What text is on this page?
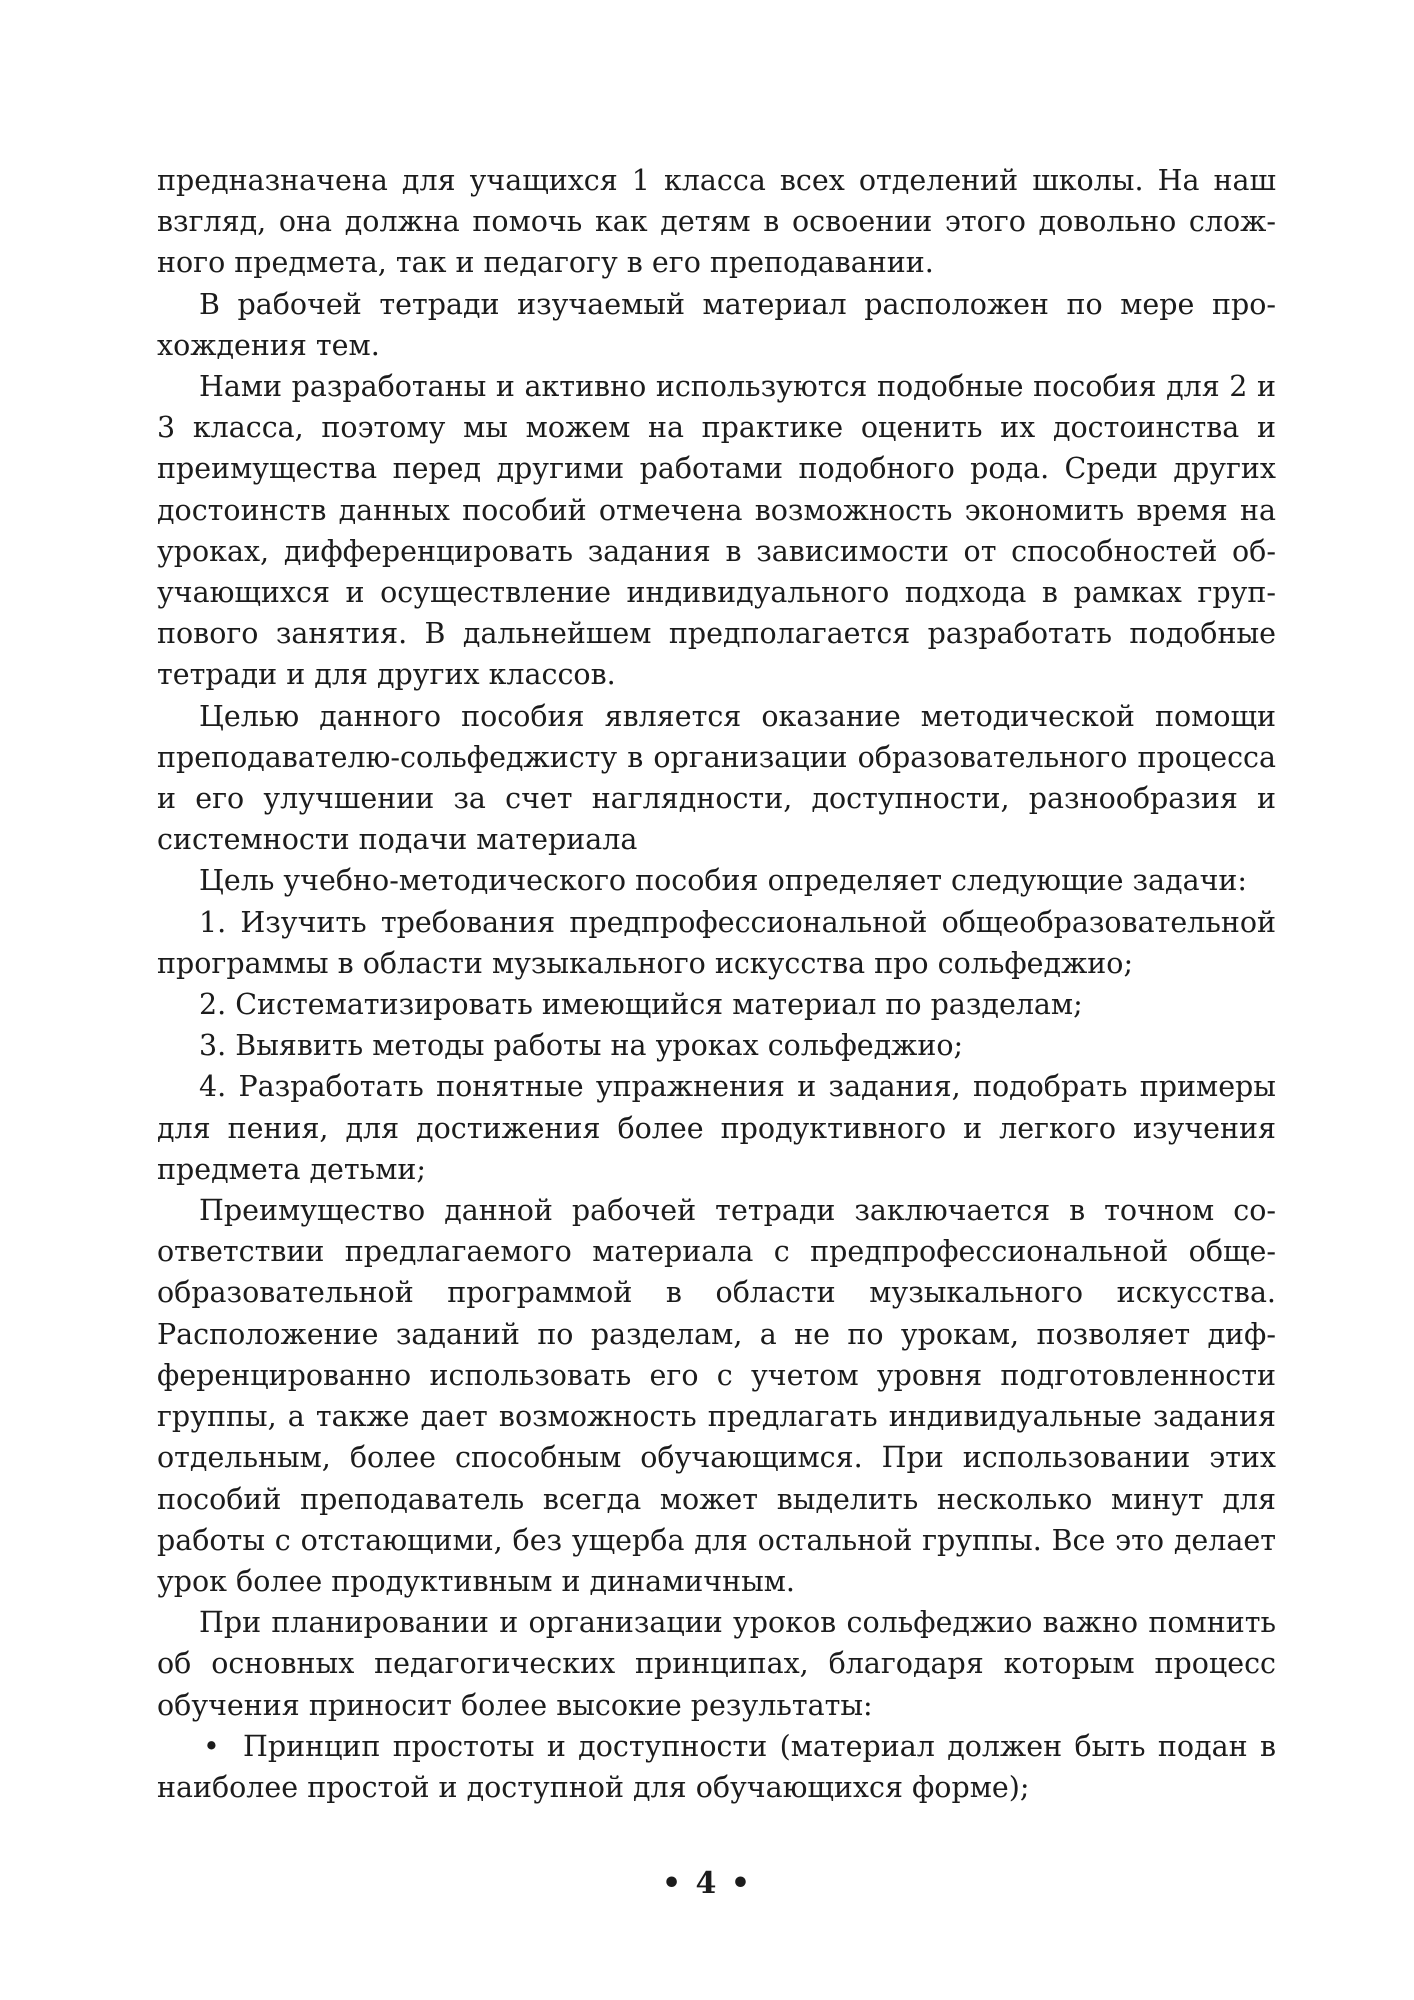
предназначена для учащихся 1 класса всех отделений школы. На наш взгляд, она должна помочь как детям в освоении этого довольно сложного предмета, так и педагогу в его преподавании.

В рабочей тетради изучаемый материал расположен по мере прохождения тем.

Нами разработаны и активно используются подобные пособия для 2 и 3 класса, поэтому мы можем на практике оценить их достоинства и преимущества перед другими работами подобного рода. Среди других достоинств данных пособий отмечена возможность экономить время на уроках, дифференцировать задания в зависимости от способностей обучающихся и осуществление индивидуального подхода в рамках группового занятия. В дальнейшем предполагается разработать подобные тетради и для других классов.

Целью данного пособия является оказание методической помощи преподавателю-сольфеджисту в организации образовательного процесса и его улучшении за счет наглядности, доступности, разнообразия и системности подачи материала

Цель учебно-методического пособия определяет следующие задачи:

1. Изучить требования предпрофессиональной общеобразовательной программы в области музыкального искусства про сольфеджио;

2. Систематизировать имеющийся материал по разделам;

3. Выявить методы работы на уроках сольфеджио;

4. Разработать понятные упражнения и задания, подобрать примеры для пения, для достижения более продуктивного и легкого изучения предмета детьми;

Преимущество данной рабочей тетради заключается в точном соответствии предлагаемого материала с предпрофессиональной общеобразовательной программой в области музыкального искусства. Расположение заданий по разделам, а не по урокам, позволяет дифференцированно использовать его с учетом уровня подготовленности группы, а также дает возможность предлагать индивидуальные задания отдельным, более способным обучающимся. При использовании этих пособий преподаватель всегда может выделить несколько минут для работы с отстающими, без ущерба для остальной группы. Все это делает урок более продуктивным и динамичным.

При планировании и организации уроков сольфеджио важно помнить об основных педагогических принципах, благодаря которым процесс обучения приносит более высокие результаты:

• Принцип простоты и доступности (материал должен быть подан в наиболее простой и доступной для обучающихся форме);

• 4 •
